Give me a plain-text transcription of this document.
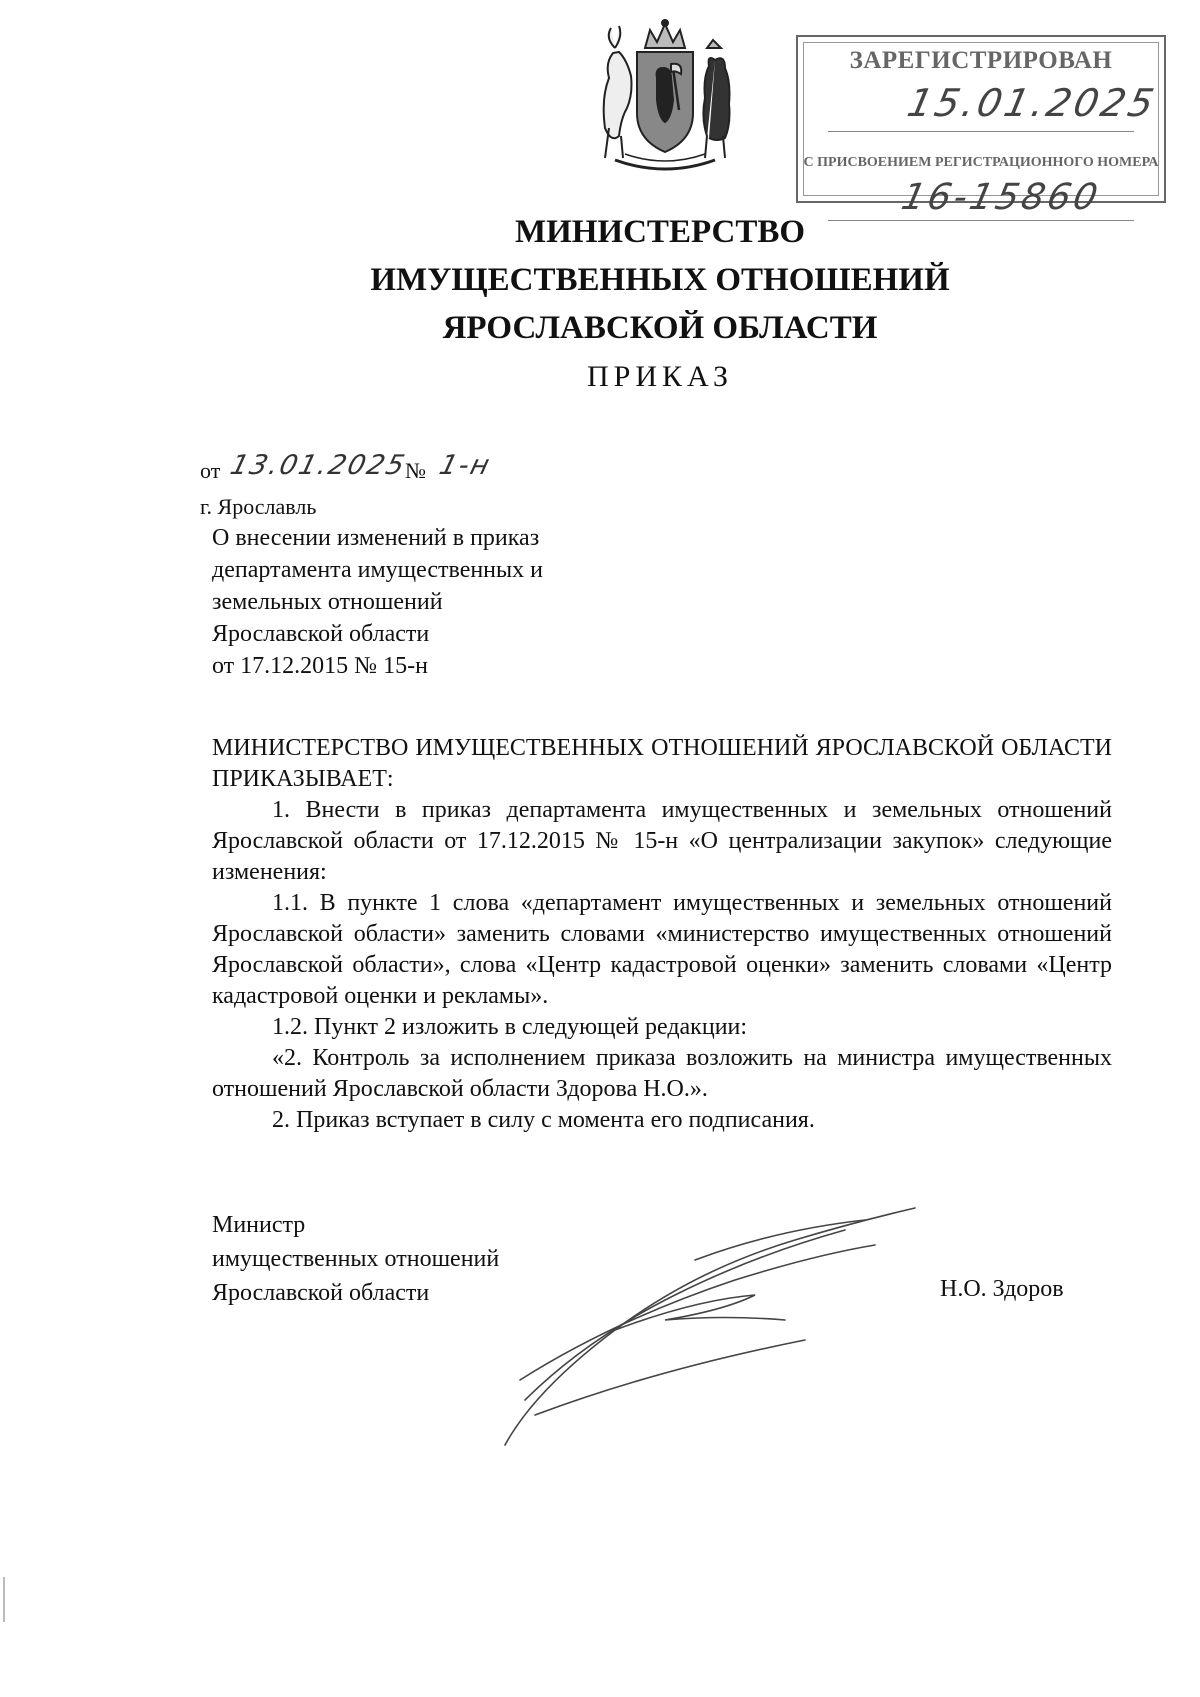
ЗАРЕГИСТРИРОВАН
15.01.2025
С ПРИСВОЕНИЕМ РЕГИСТРАЦИОННОГО НОМЕРА
16-15860
МИНИСТЕРСТВО
ИМУЩЕСТВЕННЫХ ОТНОШЕНИЙ
ЯРОСЛАВСКОЙ ОБЛАСТИ
ПРИКАЗ
от 13.01.2025
№ 1-н
г. Ярославль
О внесении изменений в приказ
департамента имущественных и
земельных отношений
Ярославской области
от 17.12.2015 № 15-н

МИНИСТЕРСТВО ИМУЩЕСТВЕННЫХ ОТНОШЕНИЙ ЯРОСЛАВСКОЙ ОБЛАСТИ ПРИКАЗЫВАЕТ:

1. Внести в приказ департамента имущественных и земельных отношений Ярославской области от 17.12.2015 № 15-н «О централизации закупок» следующие изменения:

1.1. В пункте 1 слова «департамент имущественных и земельных отношений Ярославской области» заменить словами «министерство имущественных отношений Ярославской области», слова «Центр кадастровой оценки» заменить словами «Центр кадастровой оценки и рекламы».

1.2. Пункт 2 изложить в следующей редакции:

«2. Контроль за исполнением приказа возложить на министра имущественных отношений Ярославской области Здорова Н.О.».

2. Приказ вступает в силу с момента его подписания.

Министр
имущественных отношений
Ярославской области	Н.О. Здоров
